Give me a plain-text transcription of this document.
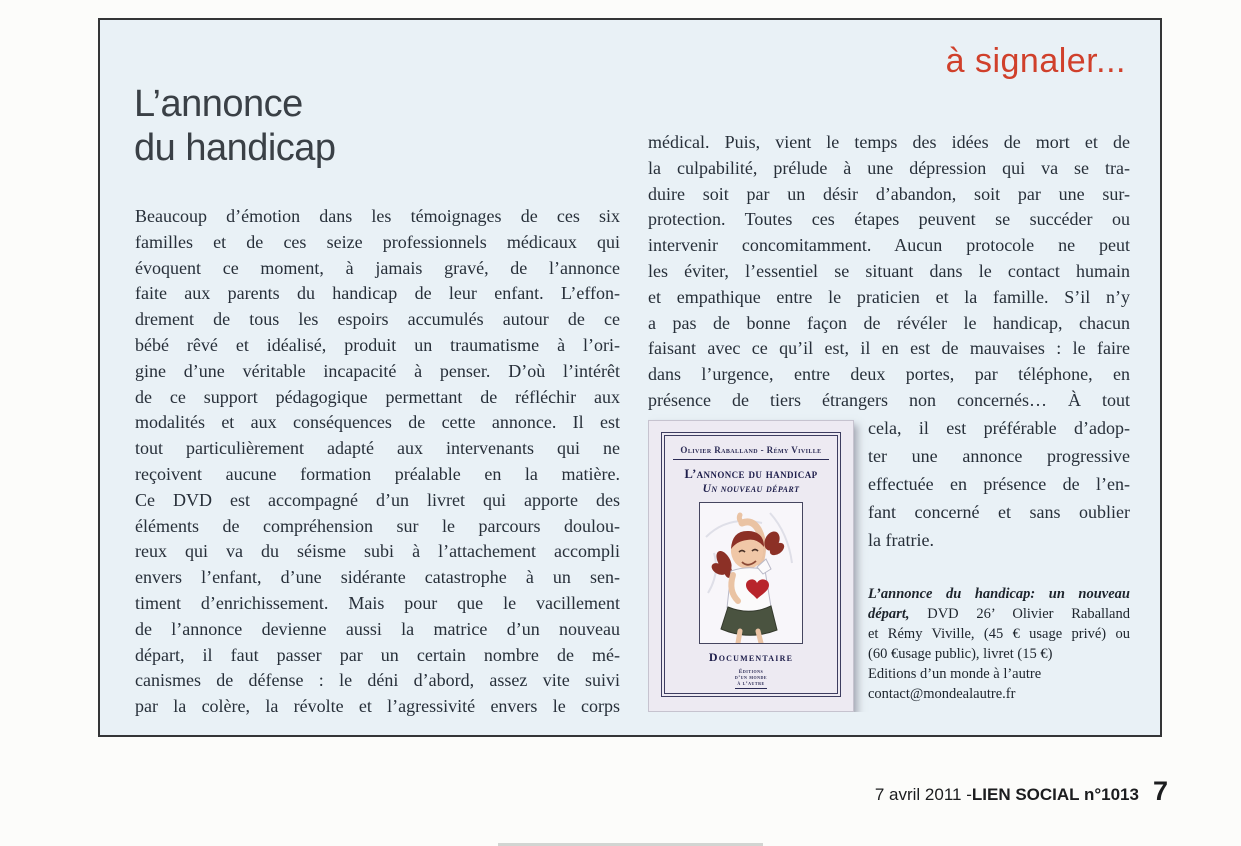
à signaler...
L’annonce
du handicap
Beaucoup d’émotion dans les témoignages de ces six
familles et de ces seize professionnels médicaux qui
évoquent ce moment, à jamais gravé, de l’annonce
faite aux parents du handicap de leur enfant. L’effon-
drement de tous les espoirs accumulés autour de ce
bébé rêvé et idéalisé, produit un traumatisme à l’ori-
gine d’une véritable incapacité à penser. D’où l’intérêt
de ce support pédagogique permettant de réfléchir aux
modalités et aux conséquences de cette annonce. Il est
tout particulièrement adapté aux intervenants qui ne
reçoivent aucune formation préalable en la matière.
Ce DVD est accompagné d’un livret qui apporte des
éléments de compréhension sur le parcours doulou-
reux qui va du séisme subi à l’attachement accompli
envers l’enfant, d’une sidérante catastrophe à un sen-
timent d’enrichissement. Mais pour que le vacillement
de l’annonce devienne aussi la matrice d’un nouveau
départ, il faut passer par un certain nombre de mé-
canismes de défense : le déni d’abord, assez vite suivi
par la colère, la révolte et l’agressivité envers le corps
médical. Puis, vient le temps des idées de mort et de
la culpabilité, prélude à une dépression qui va se tra-
duire soit par un désir d’abandon, soit par une sur-
protection. Toutes ces étapes peuvent se succéder ou
intervenir concomitamment. Aucun protocole ne peut
les éviter, l’essentiel se situant dans le contact humain
et empathique entre le praticien et la famille. S’il n’y
a pas de bonne façon de révéler le handicap, chacun
faisant avec ce qu’il est, il en est de mauvaises : le faire
dans l’urgence, entre deux portes, par téléphone, en
présence de tiers étrangers non concernés… À tout
Olivier Raballand - Rémy Viville
L’annonce du handicap
Un nouveau départ
Documentaire
Éditions
d’un monde
à l’autre
cela, il est préférable d’adop-
ter une annonce progressive
effectuée en présence de l’en-
fant concerné et sans oublier
la fratrie.
L’annonce du handicap: un nouveau
départ, DVD 26’ Olivier Raballand
et Rémy Viville, (45 € usage privé) ou
(60 €usage public), livret (15 €)
Editions d’un monde à l’autre
contact@mondealautre.fr
7 avril 2011 - LIEN SOCIAL n°1013 7
